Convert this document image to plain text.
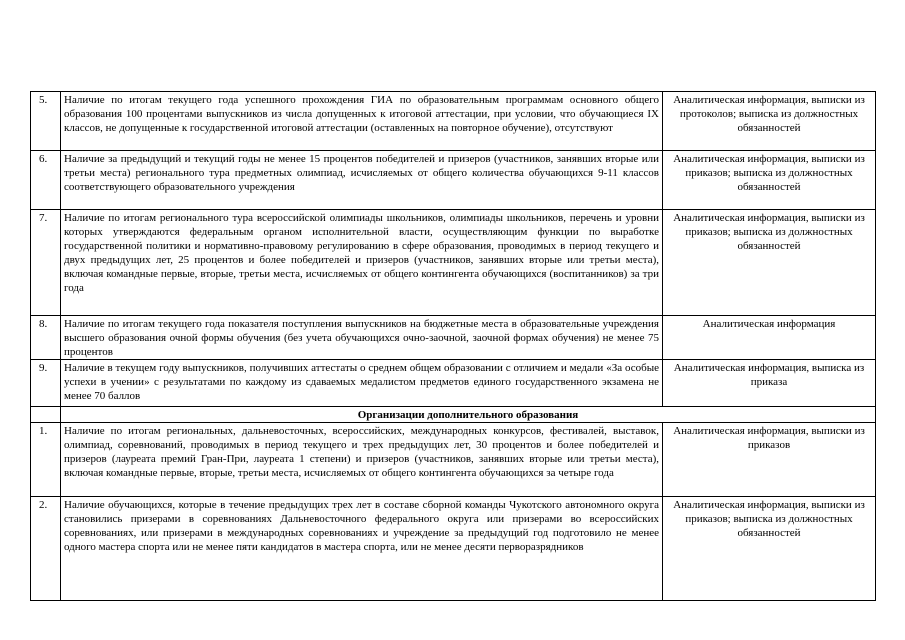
5.	Наличие по итогам текущего года успешного прохождения ГИА по образовательным программам основного общего образования 100 процентами выпускников из числа допущенных к итоговой аттестации, при условии, что обучающиеся IX классов, не допущенные к государственной итоговой аттестации (оставленных на повторное обучение), отсутствуют	Аналитическая информация, выписки из протоколов; выписка из должностных обязанностей
6.	Наличие за предыдущий и текущий годы не менее 15 процентов победителей и призеров (участников, занявших вторые или третьи места) регионального тура предметных олимпиад, исчисляемых от общего количества обучающихся 9-11 классов соответствующего образовательного учреждения	Аналитическая информация, выписки из приказов; выписка из должностных обязанностей
7.	Наличие по итогам регионального тура всероссийской олимпиады школьников, олимпиады школьников, перечень и уровни которых утверждаются федеральным органом исполнительной власти, осуществляющим функции по выработке государственной политики и нормативно-правовому регулированию в сфере образования, проводимых в период текущего и двух предыдущих лет, 25 процентов и более победителей и призеров (участников, занявших вторые или третьи места), включая командные первые, вторые, третьи места, исчисляемых от общего контингента обучающихся (воспитанников) за три года	Аналитическая информация, выписки из приказов; выписка из должностных обязанностей
8.	Наличие по итогам текущего года показателя поступления выпускников на бюджетные места в образовательные учреждения высшего образования очной формы обучения (без учета обучающихся очно-заочной, заочной формах обучения) не менее 75 процентов	Аналитическая информация
9.	Наличие в текущем году выпускников, получивших аттестаты о среднем общем образовании с отличием и медали «За особые успехи в учении» с результатами по каждому из сдаваемых медалистом предметов единого государственного экзамена не менее 70 баллов	Аналитическая информация, выписка из приказа
	Организации дополнительного образования	
1.	Наличие по итогам региональных, дальневосточных, всероссийских, международных конкурсов, фестивалей, выставок, олимпиад, соревнований, проводимых в период текущего и трех предыдущих лет, 30 процентов и более победителей и призеров (лауреата премий Гран-При, лауреата 1 степени) и призеров (участников, занявших вторые или третьи места), включая командные первые, вторые, третьи места, исчисляемых от общего контингента обучающихся за четыре года	Аналитическая информация, выписки из приказов
2.	Наличие обучающихся, которые в течение предыдущих трех лет в составе сборной команды Чукотского автономного округа становились призерами в соревнованиях Дальневосточного федерального округа или призерами во всероссийских соревнованиях, или призерами в международных соревнованиях и учреждение за предыдущий год подготовило не менее одного мастера спорта или не менее пяти кандидатов в мастера спорта, или не менее десяти перворазрядников	Аналитическая информация, выписки из приказов; выписка из должностных обязанностей
